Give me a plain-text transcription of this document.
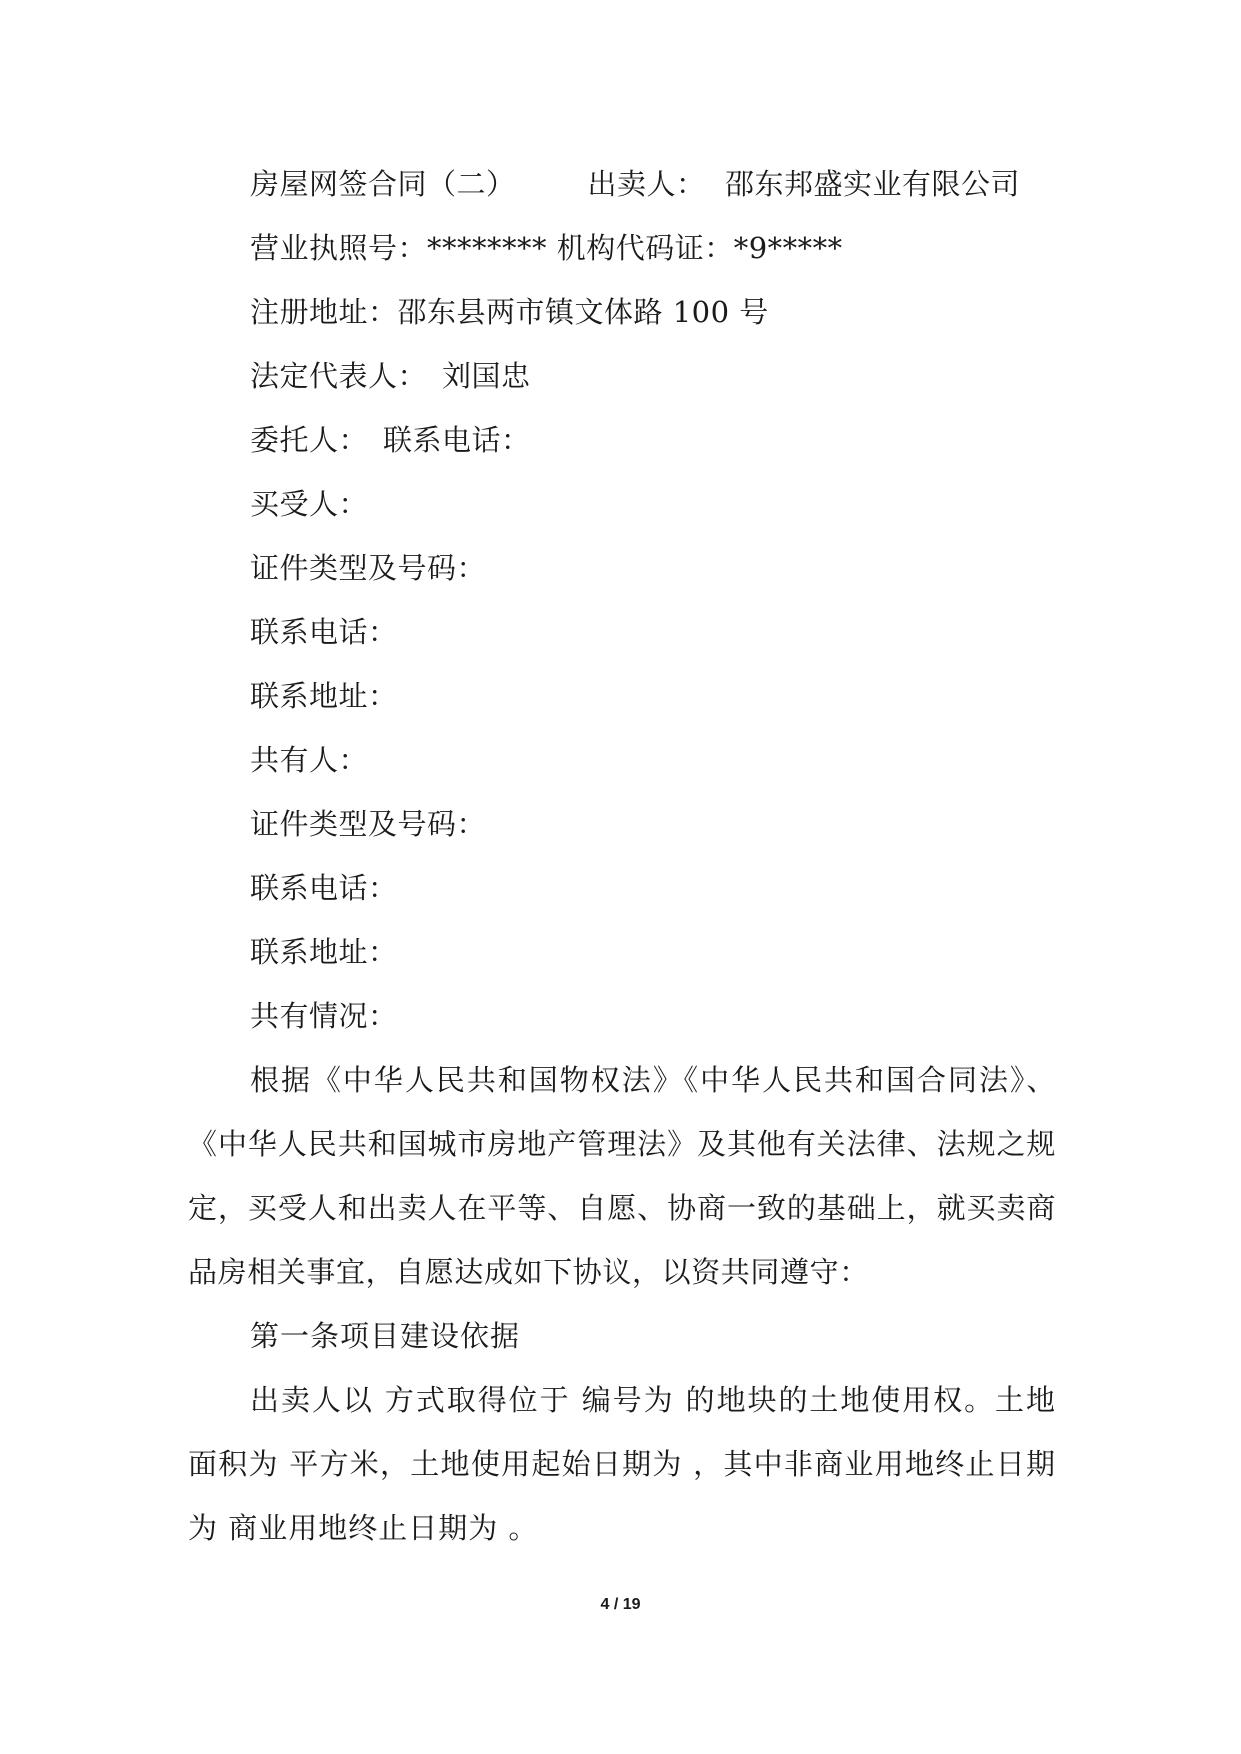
房屋网签合同（二） 出卖人： 邵东邦盛实业有限公司
营业执照号：******** 机构代码证：*9*****
注册地址：邵东县两市镇文体路 100 号
法定代表人：　刘国忠
委托人：　联系电话：
买受人：
证件类型及号码：
联系电话：
联系地址：
共有人：
证件类型及号码：
联系电话：
联系地址：
共有情况：

根据《中华人民共和国物权法》《中华人民共和国合同法》、《中华人民共和国城市房地产管理法》及其他有关法律、法规之规定，买受人和出卖人在平等、自愿、协商一致的基础上，就买卖商品房相关事宜，自愿达成如下协议，以资共同遵守：

第一条项目建设依据

出卖人以 方式取得位于 编号为 的地块的土地使用权。土地面积为 平方米，土地使用起始日期为 ，其中非商业用地终止日期为 商业用地终止日期为 。

4 / 19
